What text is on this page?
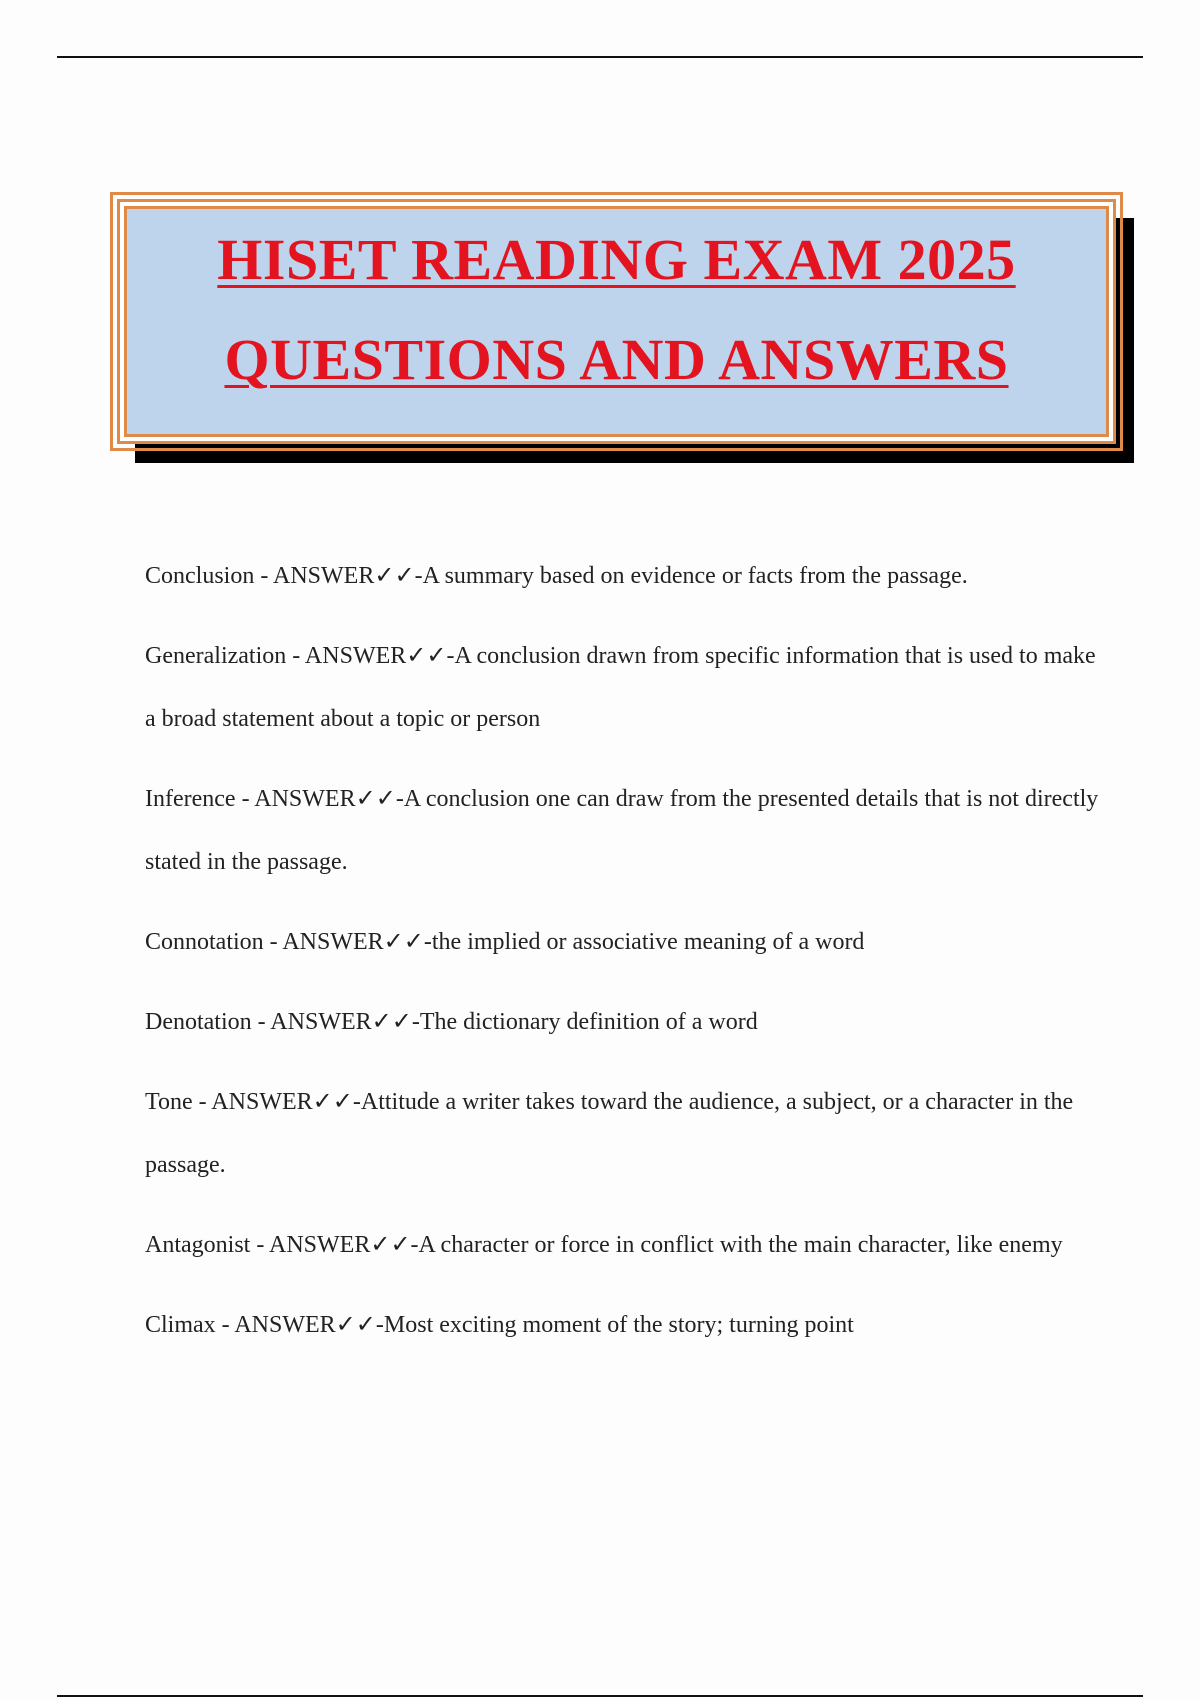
HISET READING EXAM 2025
QUESTIONS AND ANSWERS

Conclusion - ANSWER✓✓-A summary based on evidence or facts from the passage.

Generalization - ANSWER✓✓-A conclusion drawn from specific information that is used to make a broad statement about a topic or person

Inference - ANSWER✓✓-A conclusion one can draw from the presented details that is not directly stated in the passage.

Connotation - ANSWER✓✓-the implied or associative meaning of a word

Denotation - ANSWER✓✓-The dictionary definition of a word

Tone - ANSWER✓✓-Attitude a writer takes toward the audience, a subject, or a character in the passage.

Antagonist - ANSWER✓✓-A character or force in conflict with the main character, like enemy

Climax - ANSWER✓✓-Most exciting moment of the story; turning point
